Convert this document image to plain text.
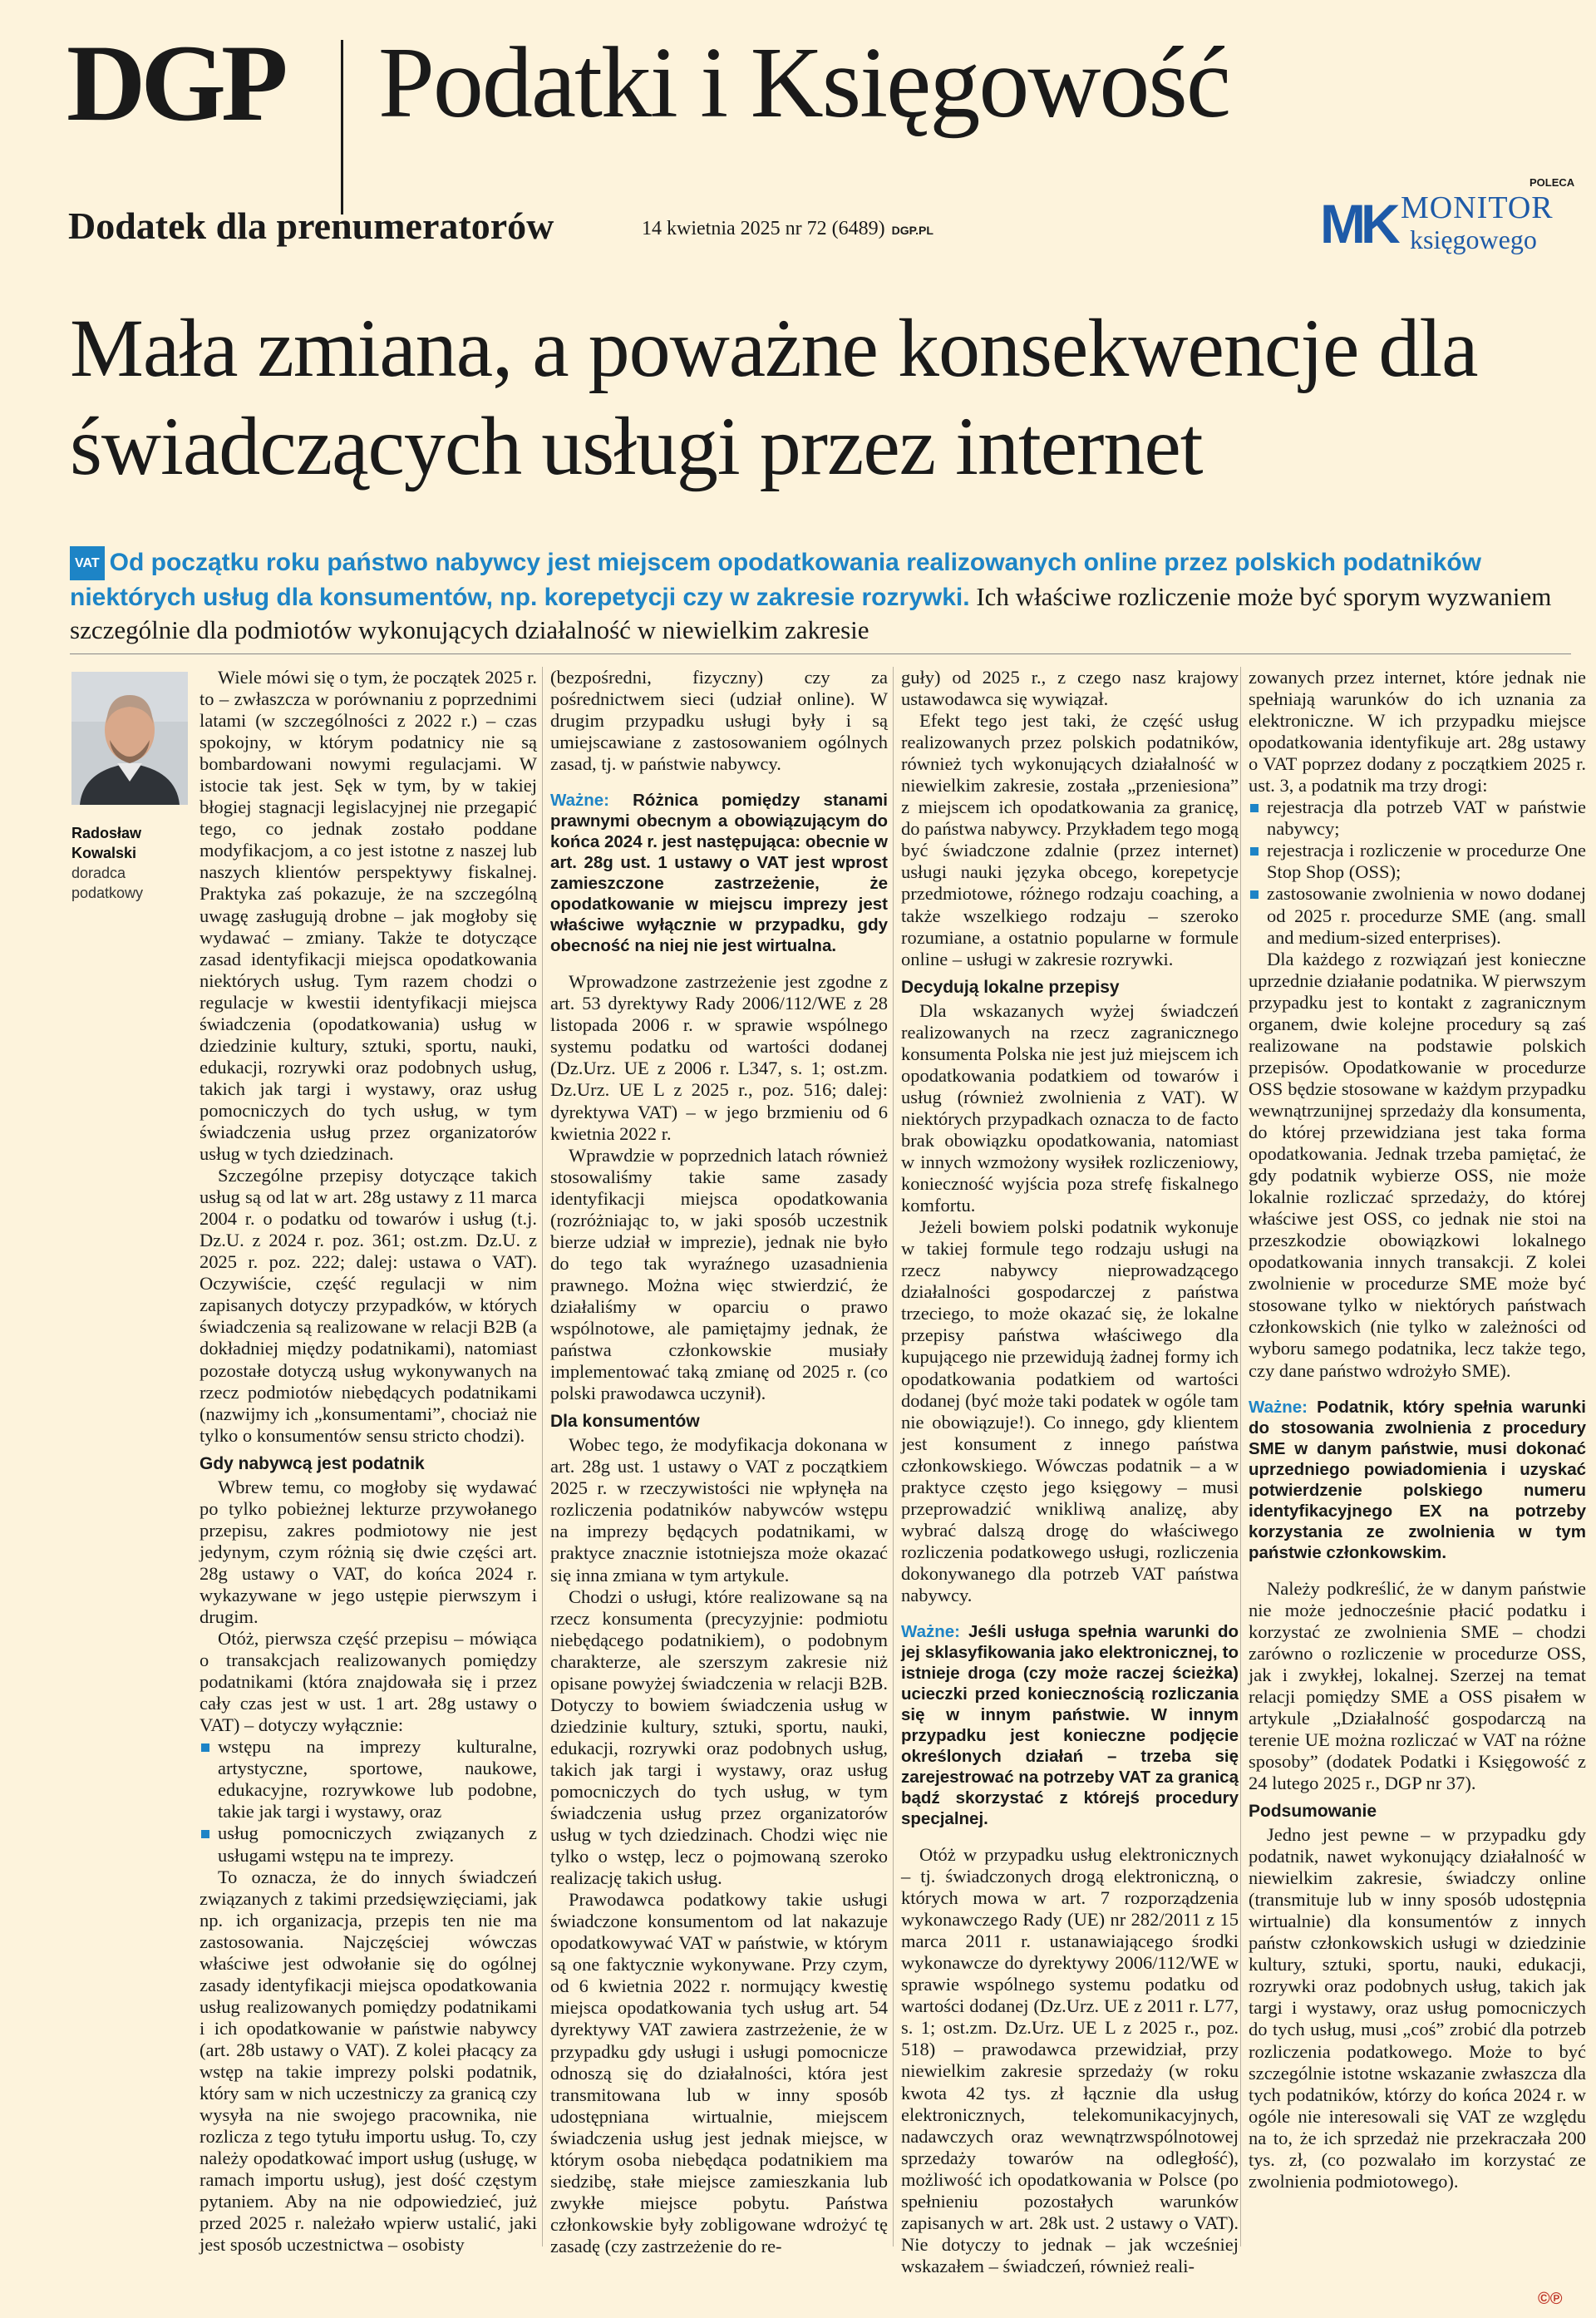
DGP Podatki i Księgowość
Dodatek dla prenumeratorów	14 kwietnia 2025 nr 72 (6489) DGP.PL
POLECA
MK MONITOR
księgowego
Mała zmiana, a poważne konsekwencje dla świadczących usługi przez internet
VAT Od początku roku państwo nabywcy jest miejscem opodatkowania realizowanych online przez polskich podatników niektórych usług dla konsumentów, np. korepetycji czy w zakresie rozrywki. Ich właściwe rozliczenie może być sporym wyzwaniem szczególnie dla podmiotów wykonujących działalność w niewielkim zakresie
Radosław Kowalski
doradca podatkowy

Wiele mówi się o tym, że początek 2025 r. to – zwłaszcza w porównaniu z poprzednimi latami (w szczególności z 2022 r.) – czas spokojny, w którym podatnicy nie są bombardowani nowymi regulacjami. W istocie tak jest. Sęk w tym, by w takiej błogiej stagnacji legislacyjnej nie przegapić tego, co jednak zostało poddane modyfikacjom, a co jest istotne z naszej lub naszych klientów perspektywy fiskalnej. Praktyka zaś pokazuje, że na szczególną uwagę zasługują drobne – jak mogłoby się wydawać – zmiany. Także te dotyczące zasad identyfikacji miejsca opodatkowania niektórych usług. Tym razem chodzi o regulacje w kwestii identyfikacji miejsca świadczenia (opodatkowania) usług w dziedzinie kultury, sztuki, sportu, nauki, edukacji, rozrywki oraz podobnych usług, takich jak targi i wystawy, oraz usług pomocniczych do tych usług, w tym świadczenia usług przez organizatorów usług w tych dziedzinach.

Szczególne przepisy dotyczące takich usług są od lat w art. 28g ustawy z 11 marca 2004 r. o podatku od towarów i usług (t.j. Dz.U. z 2024 r. poz. 361; ost.zm. Dz.U. z 2025 r. poz. 222; dalej: ustawa o VAT). Oczywiście, część regulacji w nim zapisanych dotyczy przypadków, w których świadczenia są realizowane w relacji B2B (a dokładniej między podatnikami), natomiast pozostałe dotyczą usług wykonywanych na rzecz podmiotów niebędących podatnikami (nazwijmy ich „konsumentami”, chociaż nie tylko o konsumentów sensu stricto chodzi).

Gdy nabywcą jest podatnik

Wbrew temu, co mogłoby się wydawać po tylko pobieżnej lekturze przywołanego przepisu, zakres podmiotowy nie jest jedynym, czym różnią się dwie części art. 28g ustawy o VAT, do końca 2024 r. wykazywane w jego ustępie pierwszym i drugim.

Otóż, pierwsza część przepisu – mówiąca o transakcjach realizowanych pomiędzy podatnikami (która znajdowała się i przez cały czas jest w ust. 1 art. 28g ustawy o VAT) – dotyczy wyłącznie:

wstępu na imprezy kulturalne, artystyczne, sportowe, naukowe, edukacyjne, rozrywkowe lub podobne, takie jak targi i wystawy, oraz
usług pomocniczych związanych z usługami wstępu na te imprezy.

To oznacza, że do innych świadczeń związanych z takimi przedsięwzięciami, jak np. ich organizacja, przepis ten nie ma zastosowania. Najczęściej wówczas właściwe jest odwołanie się do ogólnej zasady identyfikacji miejsca opodatkowania usług realizowanych pomiędzy podatnikami i ich opodatkowanie w państwie nabywcy (art. 28b ustawy o VAT). Z kolei płacący za wstęp na takie imprezy polski podatnik, który sam w nich uczestniczy za granicą czy wysyła na nie swojego pracownika, nie rozlicza z tego tytułu importu usług. To, czy należy opodatkować import usług (usługę, w ramach importu usług), jest dość częstym pytaniem. Aby na nie odpowiedzieć, już przed 2025 r. należało wpierw ustalić, jaki jest sposób uczestnictwa – osobisty

(bezpośredni, fizyczny) czy za pośrednictwem sieci (udział online). W drugim przypadku usługi były i są umiejscawiane z zastosowaniem ogólnych zasad, tj. w państwie nabywcy.

Ważne: Różnica pomiędzy stanami prawnymi obecnym a obowiązującym do końca 2024 r. jest następująca: obecnie w art. 28g ust. 1 ustawy o VAT jest wprost zamieszczone zastrzeżenie, że opodatkowanie w miejscu imprezy jest właściwe wyłącznie w przypadku, gdy obecność na niej nie jest wirtualna.

Wprowadzone zastrzeżenie jest zgodne z art. 53 dyrektywy Rady 2006/112/WE z 28 listopada 2006 r. w sprawie wspólnego systemu podatku od wartości dodanej (Dz.Urz. UE z 2006 r. L347, s. 1; ost.zm. Dz.Urz. UE L z 2025 r., poz. 516; dalej: dyrektywa VAT) – w jego brzmieniu od 6 kwietnia 2022 r.

Wprawdzie w poprzednich latach również stosowaliśmy takie same zasady identyfikacji miejsca opodatkowania (rozróżniając to, w jaki sposób uczestnik bierze udział w imprezie), jednak nie było do tego tak wyraźnego uzasadnienia prawnego. Można więc stwierdzić, że działaliśmy w oparciu o prawo wspólnotowe, ale pamiętajmy jednak, że państwa członkowskie musiały implementować taką zmianę od 2025 r. (co polski prawodawca uczynił).

Dla konsumentów

Wobec tego, że modyfikacja dokonana w art. 28g ust. 1 ustawy o VAT z początkiem 2025 r. w rzeczywistości nie wpłynęła na rozliczenia podatników nabywców wstępu na imprezy będących podatnikami, w praktyce znacznie istotniejsza może okazać się inna zmiana w tym artykule.

Chodzi o usługi, które realizowane są na rzecz konsumenta (precyzyjnie: podmiotu niebędącego podatnikiem), o podobnym charakterze, ale szerszym zakresie niż opisane powyżej świadczenia w relacji B2B. Dotyczy to bowiem świadczenia usług w dziedzinie kultury, sztuki, sportu, nauki, edukacji, rozrywki oraz podobnych usług, takich jak targi i wystawy, oraz usług pomocniczych do tych usług, w tym świadczenia usług przez organizatorów usług w tych dziedzinach. Chodzi więc nie tylko o wstęp, lecz o pojmowaną szeroko realizację takich usług.

Prawodawca podatkowy takie usługi świadczone konsumentom od lat nakazuje opodatkowywać VAT w państwie, w którym są one faktycznie wykonywane. Przy czym, od 6 kwietnia 2022 r. normujący kwestię miejsca opodatkowania tych usług art. 54 dyrektywy VAT zawiera zastrzeżenie, że w przypadku gdy usługi i usługi pomocnicze odnoszą się do działalności, która jest transmitowana lub w inny sposób udostępniana wirtualnie, miejscem świadczenia usług jest jednak miejsce, w którym osoba niebędąca podatnikiem ma siedzibę, stałe miejsce zamieszkania lub zwykłe miejsce pobytu. Państwa członkowskie były zobligowane wdrożyć tę zasadę (czy zastrzeżenie do re-

guły) od 2025 r., z czego nasz krajowy ustawodawca się wywiązał.

Efekt tego jest taki, że część usług realizowanych przez polskich podatników, również tych wykonujących działalność w niewielkim zakresie, została „przeniesiona” z miejscem ich opodatkowania za granicę, do państwa nabywcy. Przykładem tego mogą być świadczone zdalnie (przez internet) usługi nauki języka obcego, korepetycje przedmiotowe, różnego rodzaju coaching, a także wszelkiego rodzaju – szeroko rozumiane, a ostatnio popularne w formule online – usługi w zakresie rozrywki.

Decydują lokalne przepisy

Dla wskazanych wyżej świadczeń realizowanych na rzecz zagranicznego konsumenta Polska nie jest już miejscem ich opodatkowania podatkiem od towarów i usług (również zwolnienia z VAT). W niektórych przypadkach oznacza to de facto brak obowiązku opodatkowania, natomiast w innych wzmożony wysiłek rozliczeniowy, konieczność wyjścia poza strefę fiskalnego komfortu.

Jeżeli bowiem polski podatnik wykonuje w takiej formule tego rodzaju usługi na rzecz nabywcy nieprowadzącego działalności gospodarczej z państwa trzeciego, to może okazać się, że lokalne przepisy państwa właściwego dla kupującego nie przewidują żadnej formy ich opodatkowania podatkiem od wartości dodanej (być może taki podatek w ogóle tam nie obowiązuje!). Co innego, gdy klientem jest konsument z innego państwa członkowskiego. Wówczas podatnik – a w praktyce często jego księgowy – musi przeprowadzić wnikliwą analizę, aby wybrać dalszą drogę do właściwego rozliczenia podatkowego usługi, rozliczenia dokonywanego dla potrzeb VAT państwa nabywcy.

Ważne: Jeśli usługa spełnia warunki do jej sklasyfikowania jako elektronicznej, to istnieje droga (czy może raczej ścieżka) ucieczki przed koniecznością rozliczania się w innym państwie. W innym przypadku jest konieczne podjęcie określonych działań – trzeba się zarejestrować na potrzeby VAT za granicą bądź skorzystać z którejś procedury specjalnej.

Otóż w przypadku usług elektronicznych – tj. świadczonych drogą elektroniczną, o których mowa w art. 7 rozporządzenia wykonawczego Rady (UE) nr 282/2011 z 15 marca 2011 r. ustanawiającego środki wykonawcze do dyrektywy 2006/112/WE w sprawie wspólnego systemu podatku od wartości dodanej (Dz.Urz. UE z 2011 r. L77, s. 1; ost.zm. Dz.Urz. UE L z 2025 r., poz. 518) – prawodawca przewidział, przy niewielkim zakresie sprzedaży (w roku kwota 42 tys. zł łącznie dla usług elektronicznych, telekomunikacyjnych, nadawczych oraz wewnątrzwspólnotowej sprzedaży towarów na odległość), możliwość ich opodatkowania w Polsce (po spełnieniu pozostałych warunków zapisanych w art. 28k ust. 2 ustawy o VAT). Nie dotyczy to jednak – jak wcześniej wskazałem – świadczeń, również reali-

zowanych przez internet, które jednak nie spełniają warunków do ich uznania za elektroniczne. W ich przypadku miejsce opodatkowania identyfikuje art. 28g ustawy o VAT poprzez dodany z początkiem 2025 r. ust. 3, a podatnik ma trzy drogi:

rejestracja dla potrzeb VAT w państwie nabywcy;
rejestracja i rozliczenie w procedurze One Stop Shop (OSS);
zastosowanie zwolnienia w nowo dodanej od 2025 r. procedurze SME (ang. small and medium-sized enterprises).

Dla każdego z rozwiązań jest konieczne uprzednie działanie podatnika. W pierwszym przypadku jest to kontakt z zagranicznym organem, dwie kolejne procedury są zaś realizowane na podstawie polskich przepisów. Opodatkowanie w procedurze OSS będzie stosowane w każdym przypadku wewnątrzunijnej sprzedaży dla konsumenta, do której przewidziana jest taka forma opodatkowania. Jednak trzeba pamiętać, że gdy podatnik wybierze OSS, nie może lokalnie rozliczać sprzedaży, do której właściwe jest OSS, co jednak nie stoi na przeszkodzie obowiązkowi lokalnego opodatkowania innych transakcji. Z kolei zwolnienie w procedurze SME może być stosowane tylko w niektórych państwach członkowskich (nie tylko w zależności od wyboru samego podatnika, lecz także tego, czy dane państwo wdrożyło SME).

Ważne: Podatnik, który spełnia warunki do stosowania zwolnienia z procedury SME w danym państwie, musi dokonać uprzedniego powiadomienia i uzyskać potwierdzenie polskiego numeru identyfikacyjnego EX na potrzeby korzystania ze zwolnienia w tym państwie członkowskim.

Należy podkreślić, że w danym państwie nie może jednocześnie płacić podatku i korzystać ze zwolnienia SME – chodzi zarówno o rozliczenie w procedurze OSS, jak i zwykłej, lokalnej. Szerzej na temat relacji pomiędzy SME a OSS pisałem w artykule „Działalność gospodarczą na terenie UE można rozliczać w VAT na różne sposoby” (dodatek Podatki i Księgowość z 24 lutego 2025 r., DGP nr 37).

Podsumowanie

Jedno jest pewne – w przypadku gdy podatnik, nawet wykonujący działalność w niewielkim zakresie, świadczy online (transmituje lub w inny sposób udostępnia wirtualnie) dla konsumentów z innych państw członkowskich usługi w dziedzinie kultury, sztuki, sportu, nauki, edukacji, rozrywki oraz podobnych usług, takich jak targi i wystawy, oraz usług pomocniczych do tych usług, musi „coś” zrobić dla potrzeb rozliczenia podatkowego. Może to być szczególnie istotne wskazanie zwłaszcza dla tych podatników, którzy do końca 2024 r. w ogóle nie interesowali się VAT ze względu na to, że ich sprzedaż nie przekraczała 200 tys. zł, (co pozwalało im korzystać ze zwolnienia podmiotowego).

©℗
